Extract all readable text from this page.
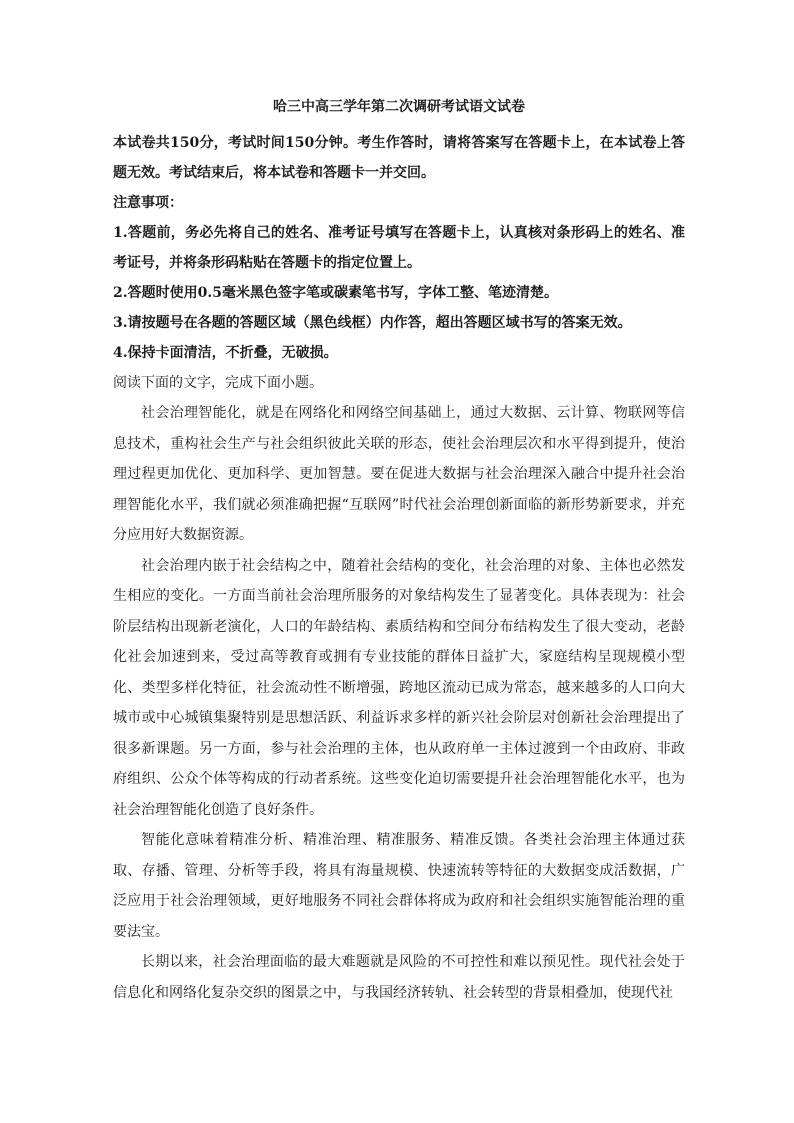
哈三中高三学年第二次调研考试语文试卷

本试卷共150分，考试时间150分钟。考生作答时，请将答案写在答题卡上，在本试卷上答题无效。考试结束后，将本试卷和答题卡一并交回。

注意事项：

1.答题前，务必先将自己的姓名、准考证号填写在答题卡上，认真核对条形码上的姓名、准考证号，并将条形码粘贴在答题卡的指定位置上。

2.答题时使用0.5毫米黑色签字笔或碳素笔书写，字体工整、笔迹清楚。

3.请按题号在各题的答题区域（黑色线框）内作答，超出答题区域书写的答案无效。

4.保持卡面清洁，不折叠，无破损。

阅读下面的文字，完成下面小题。

社会治理智能化，就是在网络化和网络空间基础上，通过大数据、云计算、物联网等信息技术，重构社会生产与社会组织彼此关联的形态，使社会治理层次和水平得到提升，使治理过程更加优化、更加科学、更加智慧。要在促进大数据与社会治理深入融合中提升社会治理智能化水平，我们就必须准确把握“互联网”时代社会治理创新面临的新形势新要求，并充分应用好大数据资源。

社会治理内嵌于社会结构之中，随着社会结构的变化，社会治理的对象、主体也必然发生相应的变化。一方面当前社会治理所服务的对象结构发生了显著变化。具体表现为：社会阶层结构出现新老演化，人口的年龄结构、素质结构和空间分布结构发生了很大变动，老龄化社会加速到来，受过高等教育或拥有专业技能的群体日益扩大，家庭结构呈现规模小型化、类型多样化特征，社会流动性不断增强，跨地区流动已成为常态，越来越多的人口向大城市或中心城镇集聚特别是思想活跃、利益诉求多样的新兴社会阶层对创新社会治理提出了很多新课题。另一方面，参与社会治理的主体，也从政府单一主体过渡到一个由政府、非政府组织、公众个体等构成的行动者系统。这些变化迫切需要提升社会治理智能化水平，也为社会治理智能化创造了良好条件。

智能化意味着精准分析、精准治理、精准服务、精准反馈。各类社会治理主体通过获取、存播、管理、分析等手段，将具有海量规模、快速流转等特征的大数据变成活数据，广泛应用于社会治理领域，更好地服务不同社会群体将成为政府和社会组织实施智能治理的重要法宝。

长期以来，社会治理面临的最大难题就是风险的不可控性和难以预见性。现代社会处于信息化和网络化复杂交织的图景之中，与我国经济转轨、社会转型的背景相叠加，使现代社
